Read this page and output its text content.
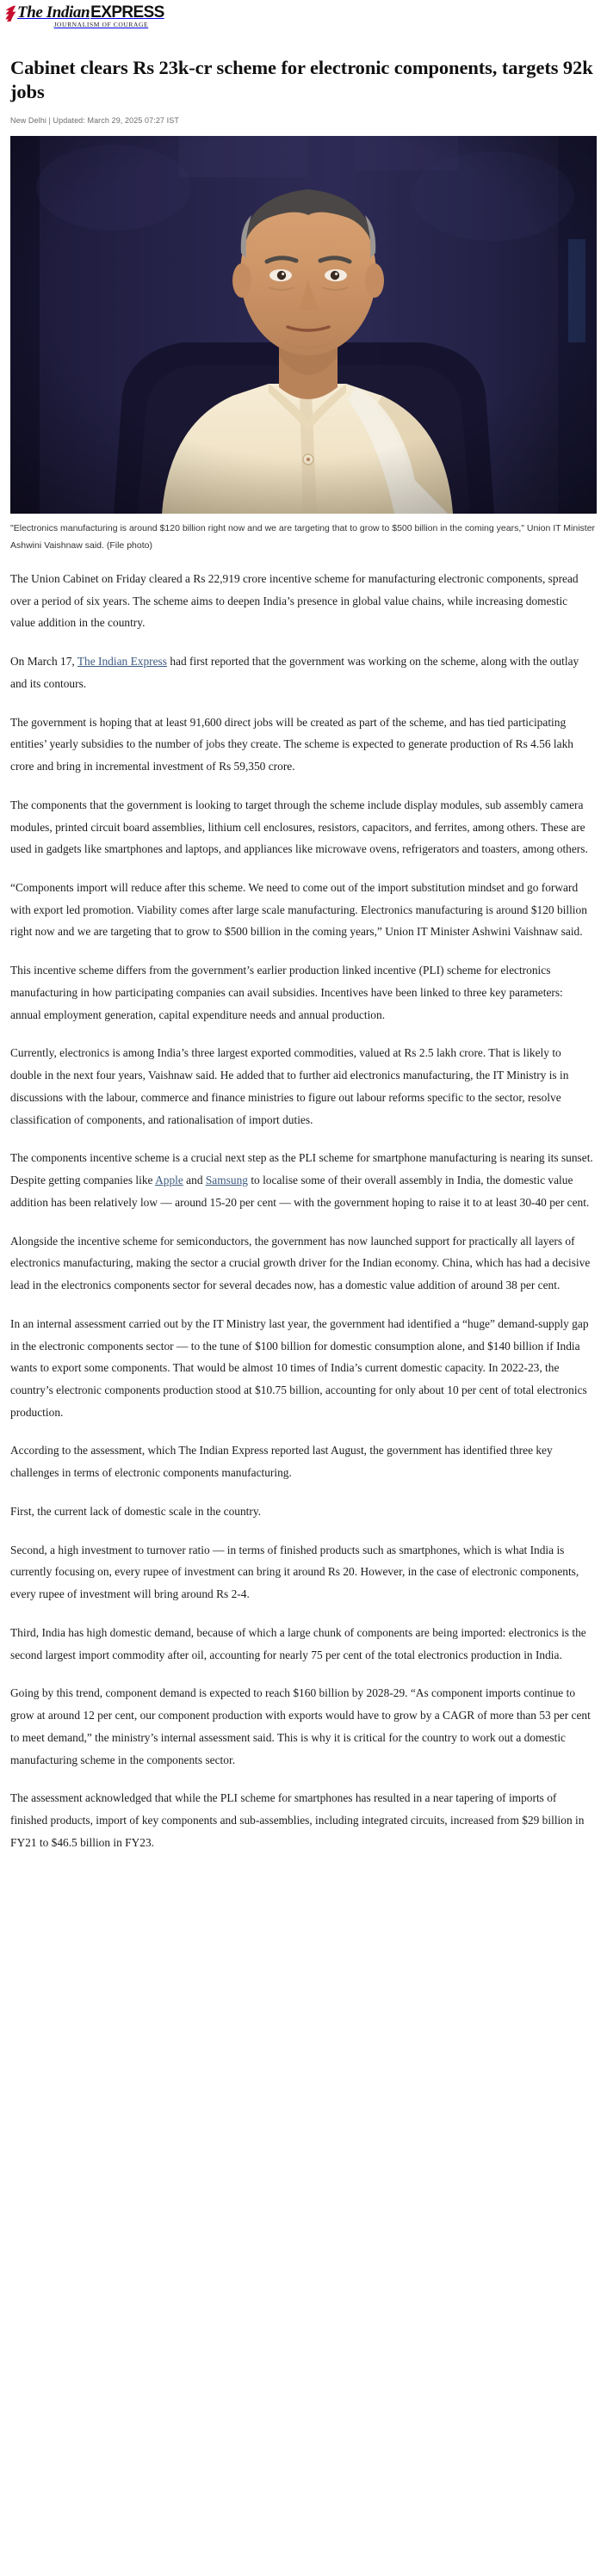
The Indian EXPRESS
JOURNALISM OF COURAGE
Cabinet clears Rs 23k-cr scheme for electronic components, targets 92k jobs
New Delhi | Updated: March 29, 2025 07:27 IST
"Electronics manufacturing is around $120 billion right now and we are targeting that to grow to $500 billion in the coming years," Union IT Minister Ashwini Vaishnaw said. (File photo)

The Union Cabinet on Friday cleared a Rs 22,919 crore incentive scheme for manufacturing electronic components, spread over a period of six years. The scheme aims to deepen India’s presence in global value chains, while increasing domestic value addition in the country.

On March 17, The Indian Express had first reported that the government was working on the scheme, along with the outlay and its contours.

The government is hoping that at least 91,600 direct jobs will be created as part of the scheme, and has tied participating entities’ yearly subsidies to the number of jobs they create. The scheme is expected to generate production of Rs 4.56 lakh crore and bring in incremental investment of Rs 59,350 crore.

The components that the government is looking to target through the scheme include display modules, sub assembly camera modules, printed circuit board assemblies, lithium cell enclosures, resistors, capacitors, and ferrites, among others. These are used in gadgets like smartphones and laptops, and appliances like microwave ovens, refrigerators and toasters, among others.

“Components import will reduce after this scheme. We need to come out of the import substitution mindset and go forward with export led promotion. Viability comes after large scale manufacturing. Electronics manufacturing is around $120 billion right now and we are targeting that to grow to $500 billion in the coming years,” Union IT Minister Ashwini Vaishnaw said.

This incentive scheme differs from the government’s earlier production linked incentive (PLI) scheme for electronics manufacturing in how participating companies can avail subsidies. Incentives have been linked to three key parameters: annual employment generation, capital expenditure needs and annual production.

Currently, electronics is among India’s three largest exported commodities, valued at Rs 2.5 lakh crore. That is likely to double in the next four years, Vaishnaw said. He added that to further aid electronics manufacturing, the IT Ministry is in discussions with the labour, commerce and finance ministries to figure out labour reforms specific to the sector, resolve classification of components, and rationalisation of import duties.

The components incentive scheme is a crucial next step as the PLI scheme for smartphone manufacturing is nearing its sunset. Despite getting companies like Apple and Samsung to localise some of their overall assembly in India, the domestic value addition has been relatively low — around 15-20 per cent — with the government hoping to raise it to at least 30-40 per cent.

Alongside the incentive scheme for semiconductors, the government has now launched support for practically all layers of electronics manufacturing, making the sector a crucial growth driver for the Indian economy. China, which has had a decisive lead in the electronics components sector for several decades now, has a domestic value addition of around 38 per cent.

In an internal assessment carried out by the IT Ministry last year, the government had identified a “huge” demand-supply gap in the electronic components sector — to the tune of $100 billion for domestic consumption alone, and $140 billion if India wants to export some components. That would be almost 10 times of India’s current domestic capacity. In 2022-23, the country’s electronic components production stood at $10.75 billion, accounting for only about 10 per cent of total electronics production.

According to the assessment, which The Indian Express reported last August, the government has identified three key challenges in terms of electronic components manufacturing.

First, the current lack of domestic scale in the country.

Second, a high investment to turnover ratio — in terms of finished products such as smartphones, which is what India is currently focusing on, every rupee of investment can bring it around Rs 20. However, in the case of electronic components, every rupee of investment will bring around Rs 2-4.

Third, India has high domestic demand, because of which a large chunk of components are being imported: electronics is the second largest import commodity after oil, accounting for nearly 75 per cent of the total electronics production in India.

Going by this trend, component demand is expected to reach $160 billion by 2028-29. “As component imports continue to grow at around 12 per cent, our component production with exports would have to grow by a CAGR of more than 53 per cent to meet demand,” the ministry’s internal assessment said. This is why it is critical for the country to work out a domestic manufacturing scheme in the components sector.

The assessment acknowledged that while the PLI scheme for smartphones has resulted in a near tapering of imports of finished products, import of key components and sub-assemblies, including integrated circuits, increased from $29 billion in FY21 to $46.5 billion in FY23.
